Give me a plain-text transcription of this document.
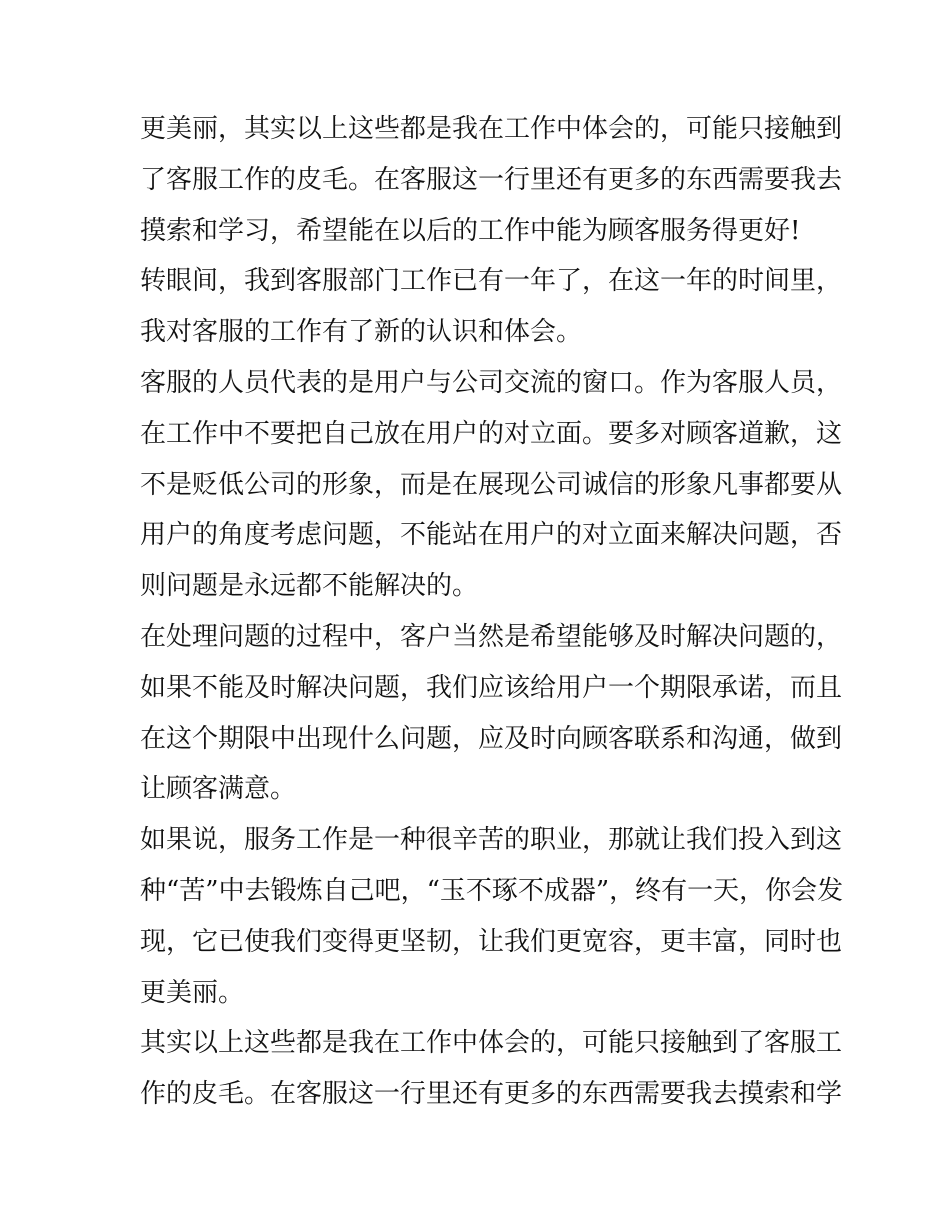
更美丽，其实以上这些都是我在工作中体会的，可能只接触到
了客服工作的皮毛。在客服这一行里还有更多的东西需要我去
摸索和学习，希望能在以后的工作中能为顾客服务得更好!
转眼间，我到客服部门工作已有一年了，在这一年的时间里，
我对客服的工作有了新的认识和体会。
客服的人员代表的是用户与公司交流的窗口。作为客服人员，
在工作中不要把自己放在用户的对立面。要多对顾客道歉，这
不是贬低公司的形象，而是在展现公司诚信的形象凡事都要从
用户的角度考虑问题，不能站在用户的对立面来解决问题，否
则问题是永远都不能解决的。
在处理问题的过程中，客户当然是希望能够及时解决问题的，
如果不能及时解决问题，我们应该给用户一个期限承诺，而且
在这个期限中出现什么问题，应及时向顾客联系和沟通，做到
让顾客满意。
如果说，服务工作是一种很辛苦的职业，那就让我们投入到这
种“苦”中去锻炼自己吧，“玉不琢不成器”，终有一天，你会发
现，它已使我们变得更坚韧，让我们更宽容，更丰富，同时也
更美丽。
其实以上这些都是我在工作中体会的，可能只接触到了客服工
作的皮毛。在客服这一行里还有更多的东西需要我去摸索和学
